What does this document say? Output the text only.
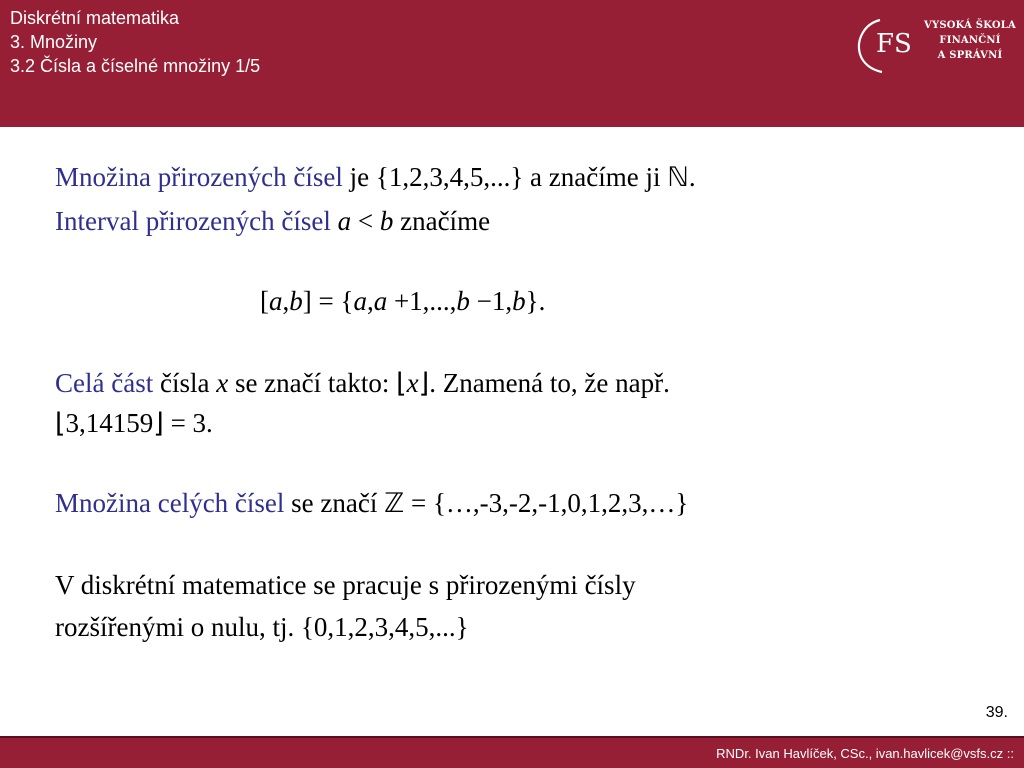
Diskrétní matematika
3. Množiny
3.2 Čísla a číselné množiny 1/5
FS
VYSOKÁ ŠKOLA
FINANČNÍ
A SPRÁVNÍ
Množina přirozených čísel je {1,2,3,4,5,...} a značíme ji ℕ.
Interval přirozených čísel a < b značíme
[a,b] = {a,a +1,...,b −1,b}.
Celá část čísla x se značí takto: ⌊x⌋. Znamená to, že např.
⌊3,14159⌋ = 3.
Množina celých čísel se značí ℤ = {…,-3,-2,-1,0,1,2,3,…}
V diskrétní matematice se pracuje s přirozenými čísly
rozšířenými o nulu, tj. {0,1,2,3,4,5,...}
39.
RNDr. Ivan Havlíček, CSc., ivan.havlicek@vsfs.cz ::
